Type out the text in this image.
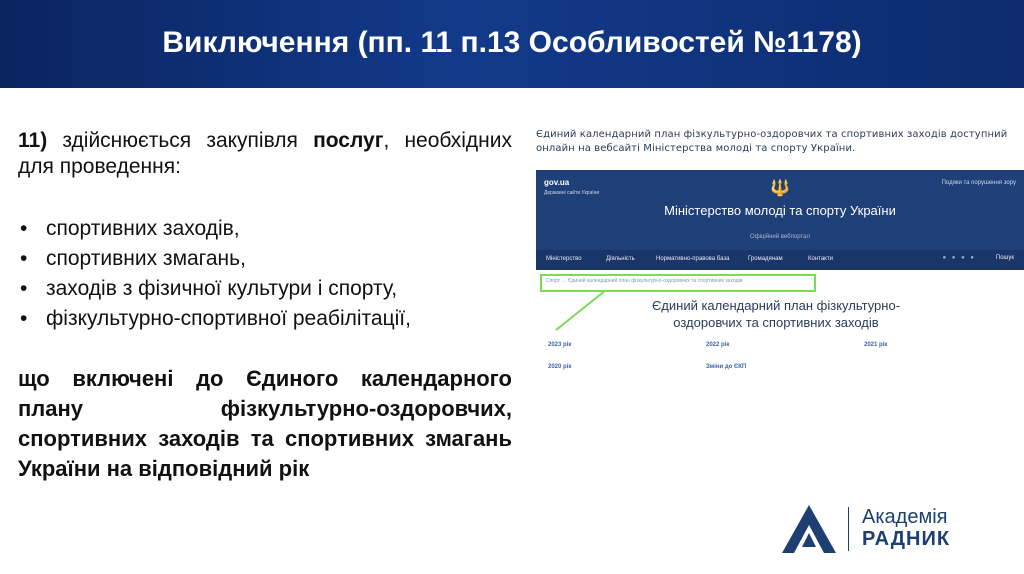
Виключення (пп. 11 п.13 Особливостей №1178)
11) здійснюється закупівля послуг, необхідних для проведення:
• спортивних заходів,
• спортивних змагань,
• заходів з фізичної культури і спорту,
• фізкультурно-спортивної реабілітації,
що включені до Єдиного календарного плану фізкультурно-оздоровчих, спортивних заходів та спортивних змагань України на відповідний рік
Єдиний календарний план фізкультурно-оздоровчих та спортивних заходів доступний онлайн на вебсайті Міністерства молоді та спорту України.
gov.ua
Державні сайти України
Подяки та порушення зору
🔱
Міністерство молоді та спорту України
Офіційний вебпортал
Міністерство	Діяльність	Нормативно-правова база	Громадянам	Контакти	● ● ● ●	Пошук
Спорт → Єдиний календарний план фізкультурно-оздоровчих та спортивних заходів
Єдиний календарний план фізкультурно-оздоровчих та спортивних заходів
2023 рік	2022 рік	2021 рік
2020 рік	Зміни до ЄКП
Академія
РАДНИК
